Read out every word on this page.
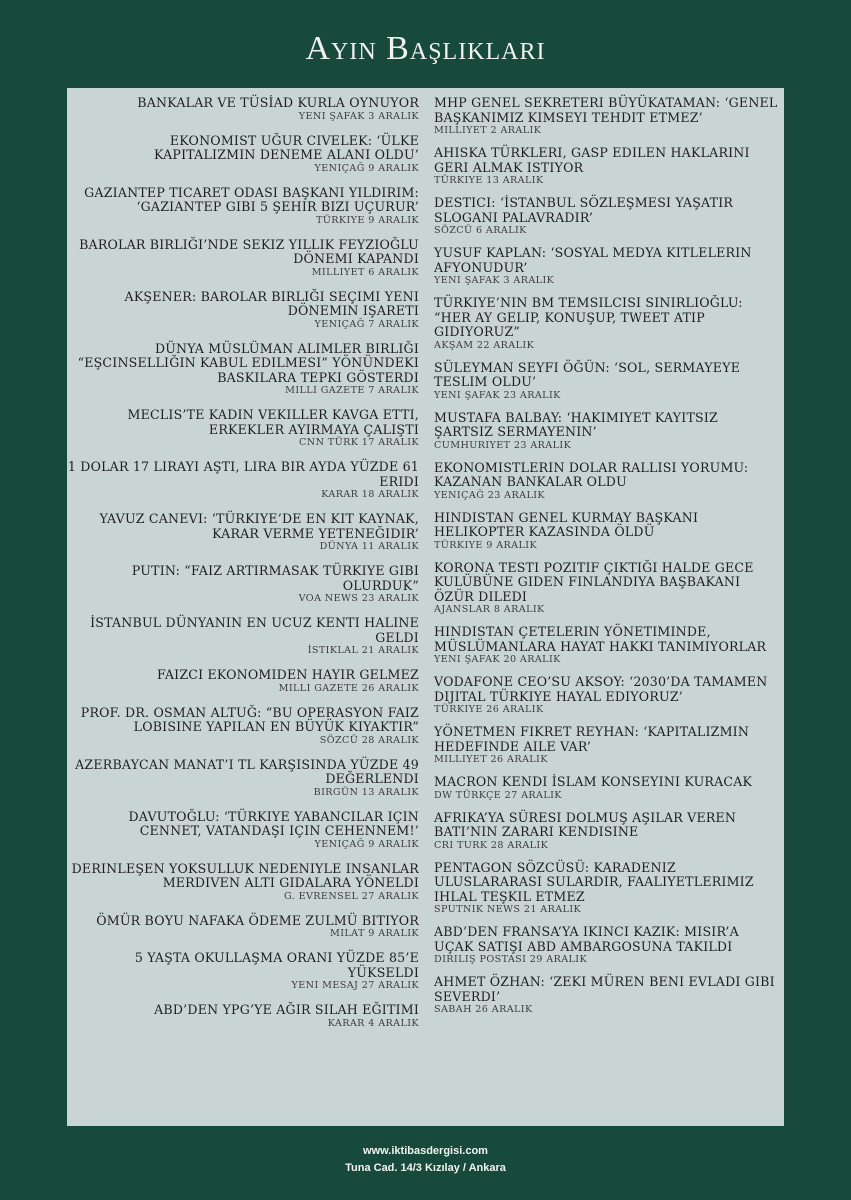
Ayın Başlıkları
BANKALAR VE TÜSİAD KURLA OYNUYOR
YENI ŞAFAK 3 ARALIK
EKONOMIST UĞUR CIVELEK: ‘ÜLKE KAPITALIZMIN DENEME ALANI OLDU’
YENIÇAĞ 9 ARALIK
GAZIANTEP TICARET ODASI BAŞKANI YILDIRIM: ‘GAZIANTEP GIBI 5 ŞEHIR BIZI UÇURUR’
TÜRKIYE 9 ARALIK
BAROLAR BIRLIĞI’NDE SEKIZ YILLIK FEYZIOĞLU DÖNEMI KAPANDI
MILLIYET 6 ARALIK
AKŞENER: BAROLAR BIRLIĞI SEÇIMI YENI DÖNEMIN IŞARETI
YENIÇAĞ 7 ARALIK
DÜNYA MÜSLÜMAN ALIMLER BIRLIĞI “EŞCINSELLIĞIN KABUL EDILMESI” YÖNÜNDEKI BASKILARA TEPKI GÖSTERDI
MILLI GAZETE 7 ARALIK
MECLIS’TE KADIN VEKILLER KAVGA ETTI, ERKEKLER AYIRMAYA ÇALIŞTI
CNN TÜRK 17 ARALIK
1 DOLAR 17 LIRAYI AŞTI, LIRA BIR AYDA YÜZDE 61 ERIDI
KARAR 18 ARALIK
YAVUZ CANEVI: ‘TÜRKIYE’DE EN KIT KAYNAK, KARAR VERME YETENEĞIDIR’
DÜNYA 11 ARALIK
PUTIN: “FAIZ ARTIRMASAK TÜRKIYE GIBI OLURDUK”
VOA NEWS 23 ARALIK
İSTANBUL DÜNYANIN EN UCUZ KENTI HALINE GELDI
İSTIKLAL 21 ARALIK
FAIZCI EKONOMIDEN HAYIR GELMEZ
MILLI GAZETE 26 ARALIK
PROF. DR. OSMAN ALTUĞ: “BU OPERASYON FAIZ LOBISINE YAPILAN EN BÜYÜK KIYAKTIR”
SÖZCÜ 28 ARALIK
AZERBAYCAN MANAT’I TL KARŞISINDA YÜZDE 49 DEĞERLENDI
BIRGÜN 13 ARALIK
DAVUTOĞLU: ‘TÜRKIYE YABANCILAR IÇIN CENNET, VATANDAŞI IÇIN CEHENNEM!’
YENIÇAĞ 9 ARALIK
DERINLEŞEN YOKSULLUK NEDENIYLE INSANLAR MERDIVEN ALTI GIDALARA YÖNELDI
G. EVRENSEL 27 ARALIK
ÖMÜR BOYU NAFAKA ÖDEME ZULMÜ BITIYOR
MILAT 9 ARALIK
5 YAŞTA OKULLAŞMA ORANI YÜZDE 85’E YÜKSELDI
YENI MESAJ 27 ARALIK
ABD’DEN YPG’YE AĞIR SILAH EĞITIMI
KARAR 4 ARALIK
MHP GENEL SEKRETERI BÜYÜKATAMAN: ‘GENEL BAŞKANIMIZ KIMSEYI TEHDIT ETMEZ’
MILLIYET 2 ARALIK
AHISKA TÜRKLERI, GASP EDILEN HAKLARINI GERI ALMAK ISTIYOR
TÜRKIYE 13 ARALIK
DESTICI: ‘İSTANBUL SÖZLEŞMESI YAŞATIR SLOGANI PALAVRADIR’
SÖZCÜ 6 ARALIK
YUSUF KAPLAN: ‘SOSYAL MEDYA KITLELERIN AFYONUDUR’
YENI ŞAFAK 3 ARALIK
TÜRKIYE’NIN BM TEMSILCISI SINIRLIOĞLU: “HER AY GELIP, KONUŞUP, TWEET ATIP GIDIYORUZ”
AKŞAM 22 ARALIK
SÜLEYMAN SEYFI ÖĞÜN: ‘SOL, SERMAYEYE TESLIM OLDU’
YENI ŞAFAK 23 ARALIK
MUSTAFA BALBAY: ‘HAKIMIYET KAYITSIZ ŞARTSIZ SERMAYENIN’
CUMHURIYET 23 ARALIK
EKONOMISTLERIN DOLAR RALLISI YORUMU: KAZANAN BANKALAR OLDU
YENIÇAĞ 23 ARALIK
HINDISTAN GENEL KURMAY BAŞKANI HELIKOPTER KAZASINDA ÖLDÜ
TÜRKIYE 9 ARALIK
KORONA TESTI POZITIF ÇIKTIĞI HALDE GECE KULÜBÜNE GIDEN FINLANDIYA BAŞBAKANI ÖZÜR DILEDI
AJANSLAR 8 ARALIK
HINDISTAN ÇETELERIN YÖNETIMINDE, MÜSLÜMANLARA HAYAT HAKKI TANIMIYORLAR
YENI ŞAFAK 20 ARALIK
VODAFONE CEO’SU AKSOY: ‘2030’DA TAMAMEN DIJITAL TÜRKIYE HAYAL EDIYORUZ’
TÜRKIYE 26 ARALIK
YÖNETMEN FIKRET REYHAN: ‘KAPITALIZMIN HEDEFINDE AILE VAR’
MILLIYET 26 ARALIK
MACRON KENDI İSLAM KONSEYINI KURACAK
DW TÜRKÇE 27 ARALIK
AFRIKA’YA SÜRESI DOLMUŞ AŞILAR VEREN BATI’NIN ZARARI KENDISINE
CRI TURK 28 ARALIK
PENTAGON SÖZCÜSÜ: KARADENIZ ULUSLARARASI SULARDIR, FAALIYETLERIMIZ IHLAL TEŞKIL ETMEZ
SPUTNIK NEWS 21 ARALIK
ABD’DEN FRANSA’YA IKINCI KAZIK: MISIR’A UÇAK SATIŞI ABD AMBARGOSUNA TAKILDI
DIRILIŞ POSTASI 29 ARALIK
AHMET ÖZHAN: ‘ZEKI MÜREN BENI EVLADI GIBI SEVERDI’
SABAH 26 ARALIK
www.iktibasdergisi.com
Tuna Cad. 14/3 Kızılay / Ankara
